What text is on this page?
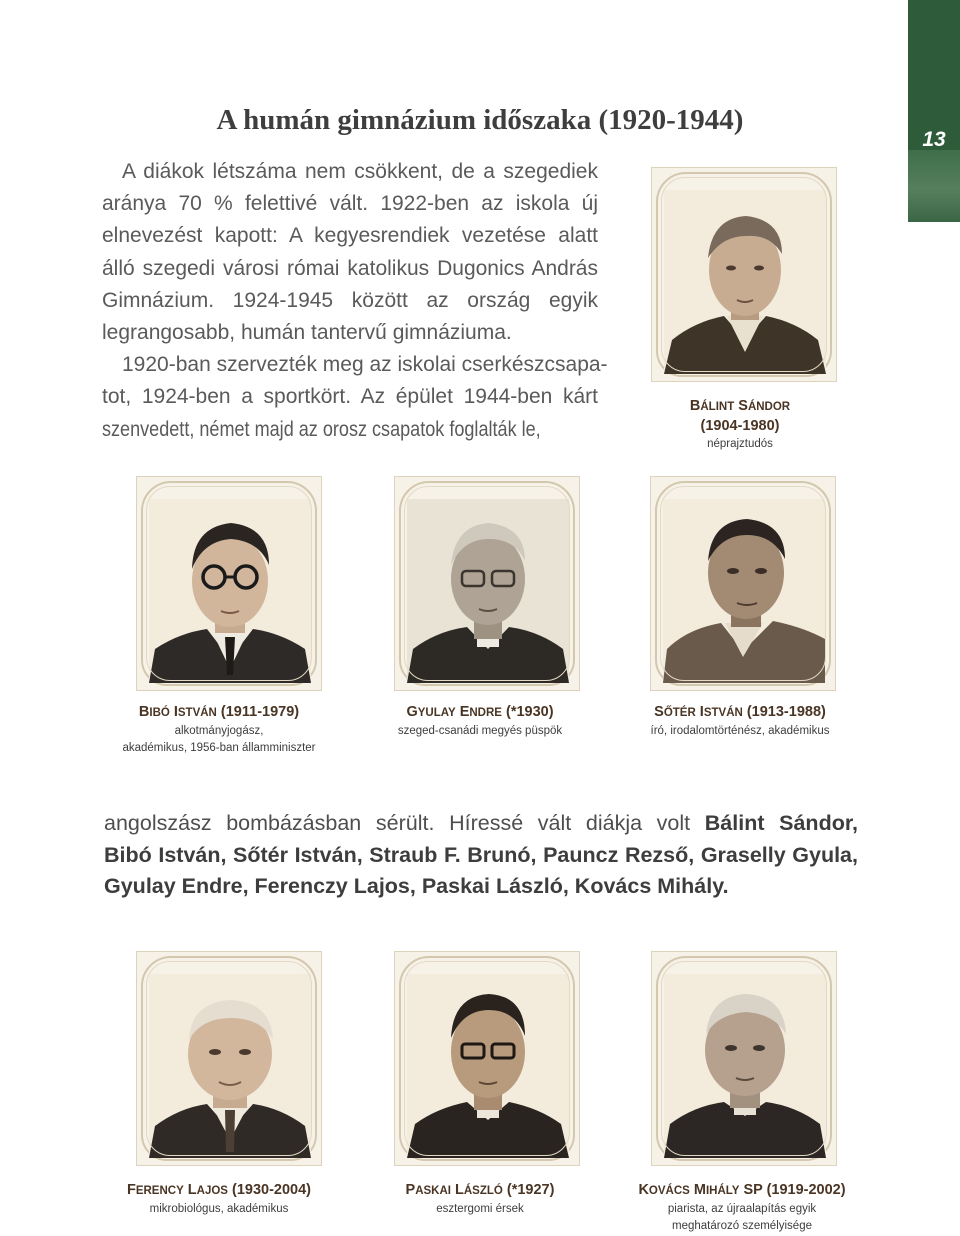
13
A humán gimnázium időszaka (1920-1944)
A diákok létszáma nem csökkent, de a szegediek
aránya 70 % felettivé vált. 1922-ben az iskola új
elnevezést kapott: A kegyesrendiek vezetése alatt
álló szegedi városi római katolikus Dugonics András
Gimnázium. 1924-1945 között az ország egyik
legrangosabb, humán tantervű gimnáziuma.
1920-ban szervezték meg az iskolai cserkészcsapa-
tot, 1924-ben a sportkört. Az épület 1944-ben kárt
szenvedett, német majd az orosz csapatok foglalták le,
BÁLINT SÁNDOR
(1904-1980)
néprajztudós
BIBÓ ISTVÁN (1911-1979)
alkotmányjogász,
akadémikus, 1956-ban államminiszter
GYULAY ENDRE (*1930)
szeged-csanádi megyés püspök
SŐTÉR ISTVÁN (1913-1988)
író, irodalomtörténész, akadémikus
angolszász bombázásban sérült. Híressé vált diákja volt Bálint Sándor,
Bibó István, Sőtér István, Straub F. Brunó, Pauncz Rezső, Graselly Gyula,
Gyulay Endre, Ferenczy Lajos, Paskai László, Kovács Mihály.
FERENCY LAJOS (1930-2004)
mikrobiológus, akadémikus
PASKAI LÁSZLÓ (*1927)
esztergomi érsek
KOVÁCS MIHÁLY SP (1919-2002)
piarista, az újraalapítás egyik
meghatározó személyisége
